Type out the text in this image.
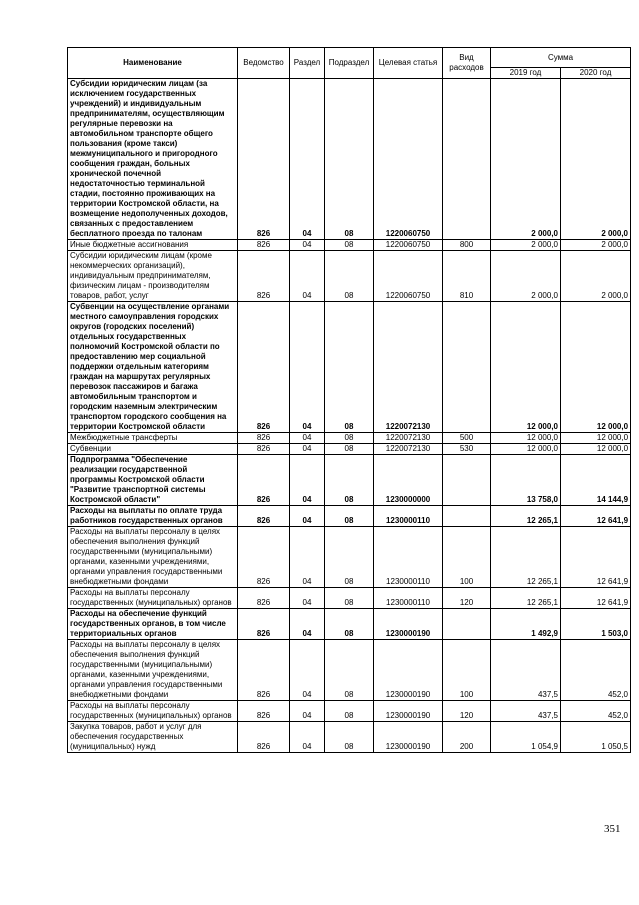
Наименование	Ведомство	Раздел	Подраздел	Целевая статья	Вид расходов	Сумма	
						2019 год	2020 год
Субсидии юридическим лицам (за исключением государственных учреждений) и индивидуальным предпринимателям, осуществляющим регулярные перевозки на автомобильном транспорте общего пользования (кроме такси) межмуниципального и пригородного сообщения граждан, больных хронической почечной недостаточностью терминальной стадии, постоянно проживающих на территории Костромской области, на возмещение недополученных доходов, связанных с предоставлением бесплатного проезда по талонам	826	04	08	1220060750		2 000,0	2 000,0
Иные бюджетные ассигнования	826	04	08	1220060750	800	2 000,0	2 000,0
Субсидии юридическим лицам (кроме некоммерческих организаций), индивидуальным предпринимателям, физическим лицам - производителям товаров, работ, услуг	826	04	08	1220060750	810	2 000,0	2 000,0
Субвенции на осуществление органами местного самоуправления городских округов (городских поселений) отдельных государственных полномочий Костромской области по предоставлению мер социальной поддержки отдельным категориям граждан на маршрутах регулярных перевозок пассажиров и багажа автомобильным транспортом и городским наземным электрическим транспортом городского сообщения на территории Костромской области	826	04	08	1220072130		12 000,0	12 000,0
Межбюджетные трансферты	826	04	08	1220072130	500	12 000,0	12 000,0
Субвенции	826	04	08	1220072130	530	12 000,0	12 000,0
Подпрограмма "Обеспечение реализации государственной программы Костромской области "Развитие транспортной системы Костромской области"	826	04	08	1230000000		13 758,0	14 144,9
Расходы на выплаты по оплате труда работников государственных органов	826	04	08	1230000110		12 265,1	12 641,9
Расходы на выплаты персоналу в целях обеспечения выполнения функций государственными (муниципальными) органами, казенными учреждениями, органами управления государственными внебюджетными фондами	826	04	08	1230000110	100	12 265,1	12 641,9
Расходы на выплаты персоналу государственных (муниципальных) органов	826	04	08	1230000110	120	12 265,1	12 641,9
Расходы на обеспечение функций государственных органов, в том числе территориальных органов	826	04	08	1230000190		1 492,9	1 503,0
Расходы на выплаты персоналу в целях обеспечения выполнения функций государственными (муниципальными) органами, казенными учреждениями, органами управления государственными внебюджетными фондами	826	04	08	1230000190	100	437,5	452,0
Расходы на выплаты персоналу государственных (муниципальных) органов	826	04	08	1230000190	120	437,5	452,0
Закупка товаров, работ и услуг для обеспечения государственных (муниципальных) нужд	826	04	08	1230000190	200	1 054,9	1 050,5
351
